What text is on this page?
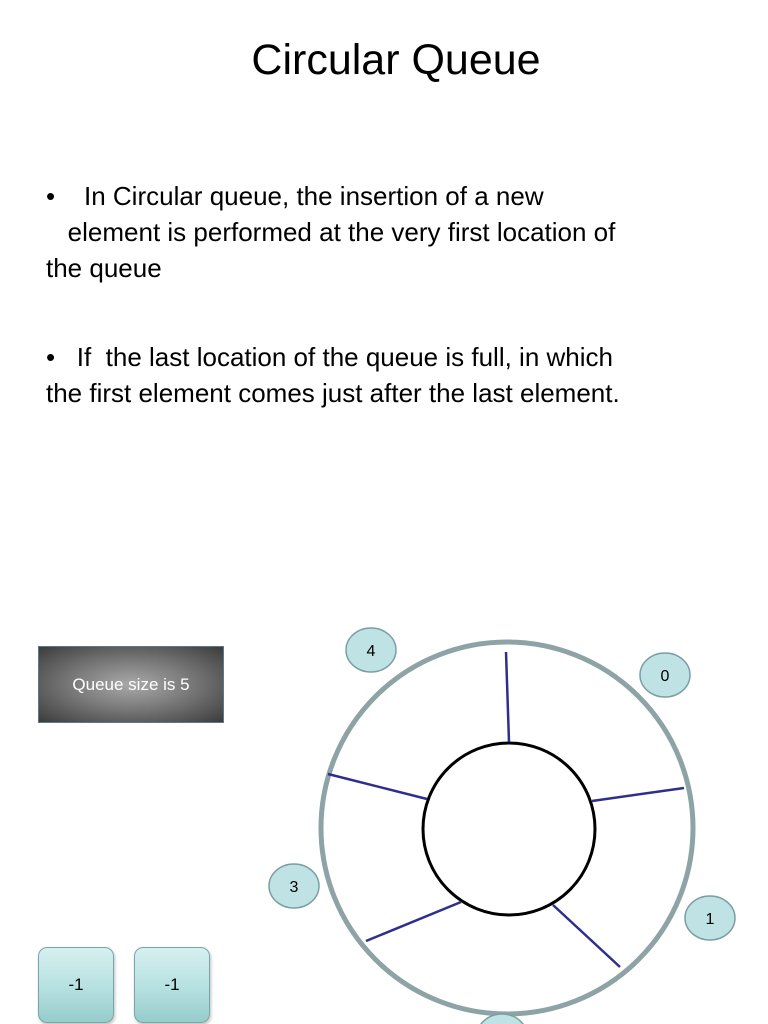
Circular Queue
•    In Circular queue, the insertion of a new
element is performed at the very first location of
the queue
•   If  the last location of the queue is full, in which
the first element comes just after the last element.
Queue size is 5
-1	-1
4
0
3
1
